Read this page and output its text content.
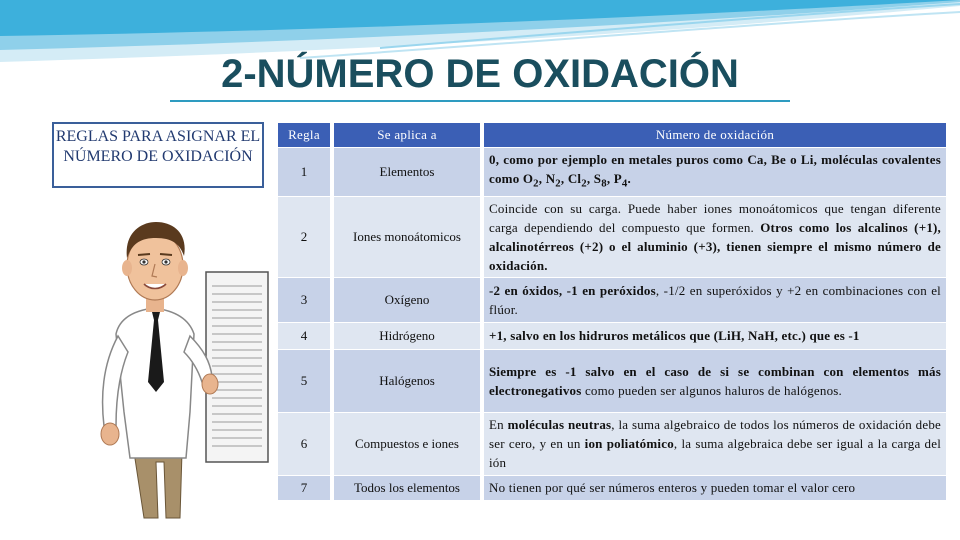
2-NÚMERO DE OXIDACIÓN
REGLAS PARA ASIGNAR EL NÚMERO DE OXIDACIÓN
Regla	Se aplica a	Número de oxidación
1	Elementos	0, como por ejemplo en metales puros como Ca, Be o Li, moléculas covalentes como $O_2$, $N_2$, $Cl_2$, $S_8$, $P_4$.
2	Iones monoátomicos	Coincide con su carga. Puede haber iones monoátomicos que tengan diferente carga dependiendo del compuesto que formen. Otros como los alcalinos (+1), alcalinotérreos (+2) o el aluminio (+3), tienen siempre el mismo número de oxidación.
3	Oxígeno	-2 en óxidos, -1 en peróxidos, -1/2 en superóxidos y +2 en combinaciones con el flúor.
4	Hidrógeno	+1, salvo en los hidruros metálicos que (LiH, NaH, etc.) que es -1
5	Halógenos	Siempre es -1 salvo en el caso de si se combinan con elementos más electronegativos como pueden ser algunos haluros de halógenos.
6	Compuestos e iones	En moléculas neutras, la suma algebraico de todos los números de oxidación debe ser cero, y en un ion poliatómico, la suma algebraica debe ser igual a la carga del ión
7	Todos los elementos	No tienen por qué ser números enteros y pueden tomar el valor cero
